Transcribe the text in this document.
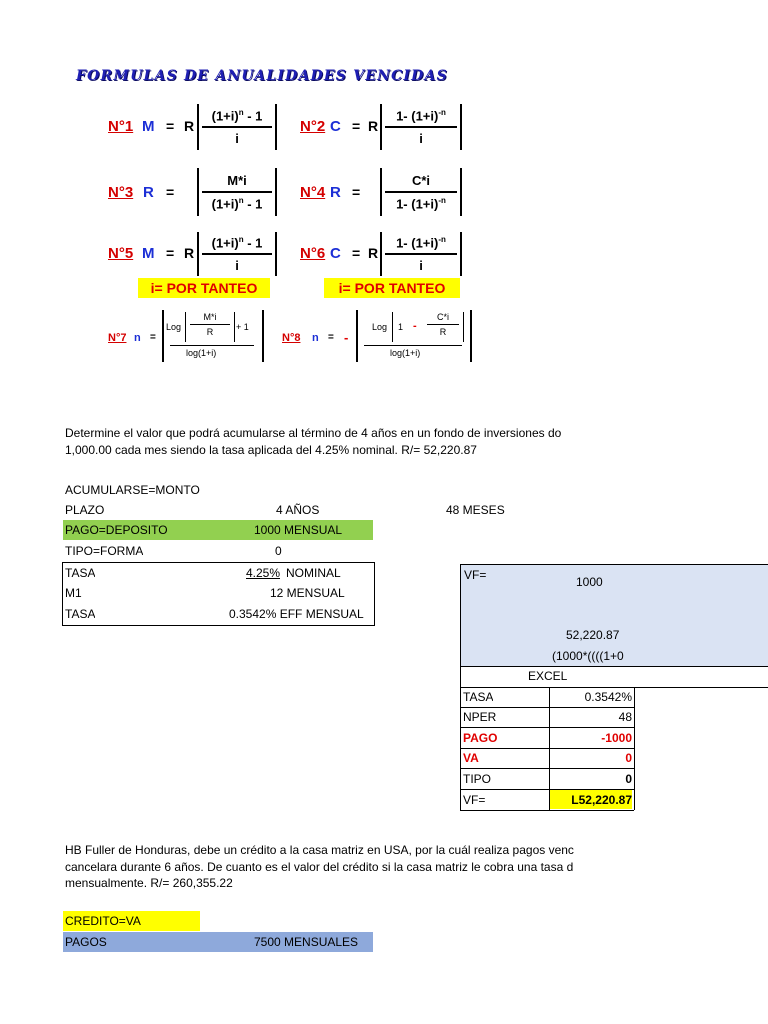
FORMULAS DE ANUALIDADES VENCIDAS
N°1 M = R
$(1+i)^n - 1$
i
N°2 C = R
1- $(1+i)^{-n}$
i
N°3 R =
M*i
$(1+i)^n - 1$
N°4 R =
C*i
1- $(1+i)^{-n}$
N°5 M = R
$(1+i)^n - 1$
i
i= POR TANTEO
N°6 C = R
1- $(1+i)^{-n}$
i
i= POR TANTEO
N°7 n =
Log
M*i
R	+ 1
log(1+i)
N°8 n = -
Log 1 -
C*i
R
log(1+i)
Determine el valor que podrá acumularse al término de 4 años en un fondo de inversiones do
1,000.00 cada mes siendo la tasa aplicada del 4.25% nominal. R/= 52,220.87
ACUMULARSE=MONTO
PLAZO	4 AÑOS	48 MESES
PAGO=DEPOSITO	1000 MENSUAL
TIPO=FORMA	0
TASA	4.25% NOMINAL
M1	12 MENSUAL
TASA	0.3542% EFF MENSUAL
VF=	1000
52,220.87
(1000*((((1+0
EXCEL
TASA	0.3542%
NPER	48
PAGO	-1000
VA	0
TIPO	0
VF=	L52,220.87
HB Fuller de Honduras, debe un crédito a la casa matriz en USA, por la cuál realiza pagos venc
cancelara durante 6 años. De cuanto es el valor del crédito si la casa matriz le cobra una tasa d
mensualmente. R/= 260,355.22
CREDITO=VA
PAGOS	7500 MENSUALES
